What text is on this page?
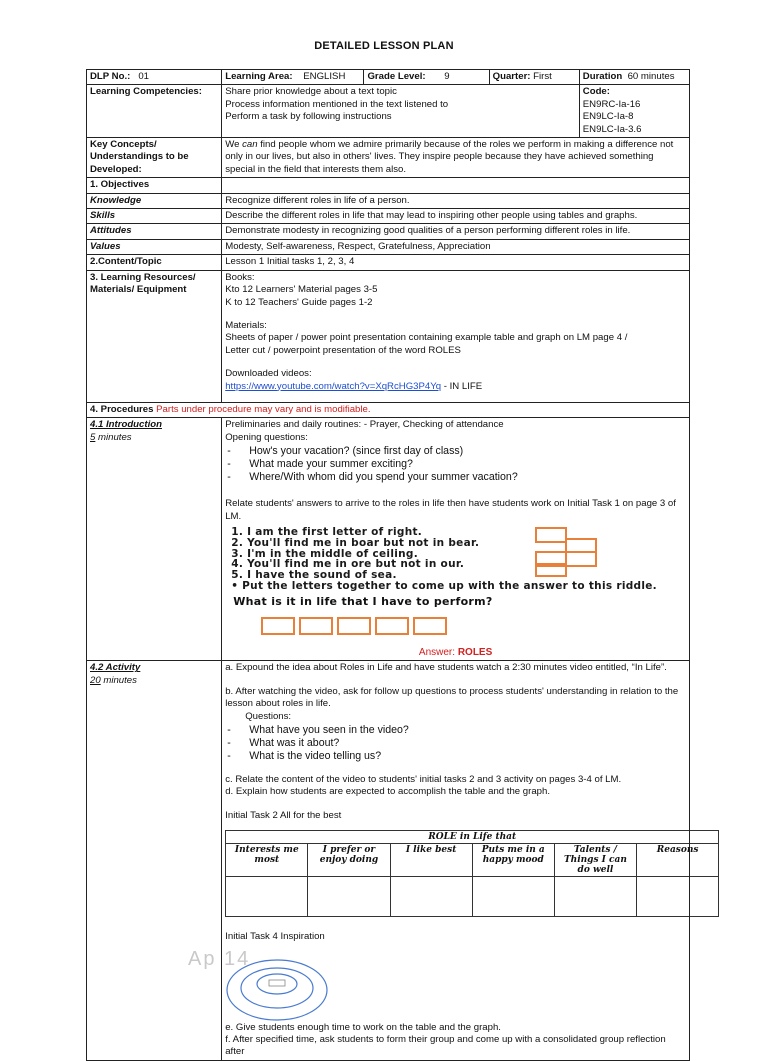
DETAILED LESSON PLAN
DLP No.: 01	Learning Area: ENGLISH	Grade Level: 9	Quarter: First	Duration 60 minutes
Learning Competencies:	Share prior knowledge about a text topic
Process information mentioned in the text listened to
Perform a task by following instructions

Code:
EN9RC-Ia-16
EN9LC-Ia-8
EN9LC-Ia-3.6

Key Concepts/ Understandings to be Developed:	We can find people whom we admire primarily because of the roles we perform in making a difference not only in our lives, but also in others' lives. They inspire people because they have achieved something special in the field that interests them also.
1. Objectives	
Knowledge	Recognize different roles in life of a person.
Skills	Describe the different roles in life that may lead to inspiring other people using tables and graphs.
Attitudes	Demonstrate modesty in recognizing good qualities of a person performing different roles in life.
Values	Modesty, Self-awareness, Respect, Gratefulness, Appreciation
2.Content/Topic	Lesson 1 Initial tasks 1, 2, 3, 4
3. Learning Resources/ Materials/ Equipment	
Books:
Kto 12 Learners' Material pages 3-5
K to 12 Teachers' Guide pages 1-2
Materials:
Sheets of paper / power point presentation containing example table and graph on LM page 4 /
Letter cut / powerpoint presentation of the word ROLES
Downloaded videos:
https://www.youtube.com/watch?v=XqRcHG3P4Yq - IN LIFE

4. Procedures Parts under procedure may vary and is modifiable.

4.1 Introduction
5 minutes

Preliminaries and daily routines: - Prayer, Checking of attendance
Opening questions:
- How's your vacation? (since first day of class)
- What made your summer exciting?
- Where/With whom did you spend your summer vacation?
Relate students' answers to arrive to the roles in life then have students work on Initial Task 1 on page 3 of LM.
1. I am the first letter of right.
2. You'll find me in boar but not in bear.
3. I'm in the middle of ceiling.
4. You'll find me in ore but not in our.
5. I have the sound of sea.
• Put the letters together to come up with the answer to this riddle.
What is it in life that I have to perform?
Answer: ROLES

4.2 Activity
20 minutes

a. Expound the idea about Roles in Life and have students watch a 2:30 minutes video entitled, “In Life”.
b. After watching the video, ask for follow up questions to process students' understanding in relation to the lesson about roles in life.
Questions:
- What have you seen in the video?
- What was it about?
- What is the video telling us?
c. Relate the content of the video to students' initial tasks 2 and 3 activity on pages 3-4 of LM.
d. Explain how students are expected to accomplish the table and the graph.
Initial Task 2 All for the best
ROLE in Life that
Interests me most	I prefer or enjoy doing	I like best	Puts me in a happy mood	Talents / Things I can do well	Reasons

Initial Task 4 Inspiration
e. Give students enough time to work on the table and the graph.
f. After specified time, ask students to form their group and come up with a consolidated group reflection after
Ap 14
